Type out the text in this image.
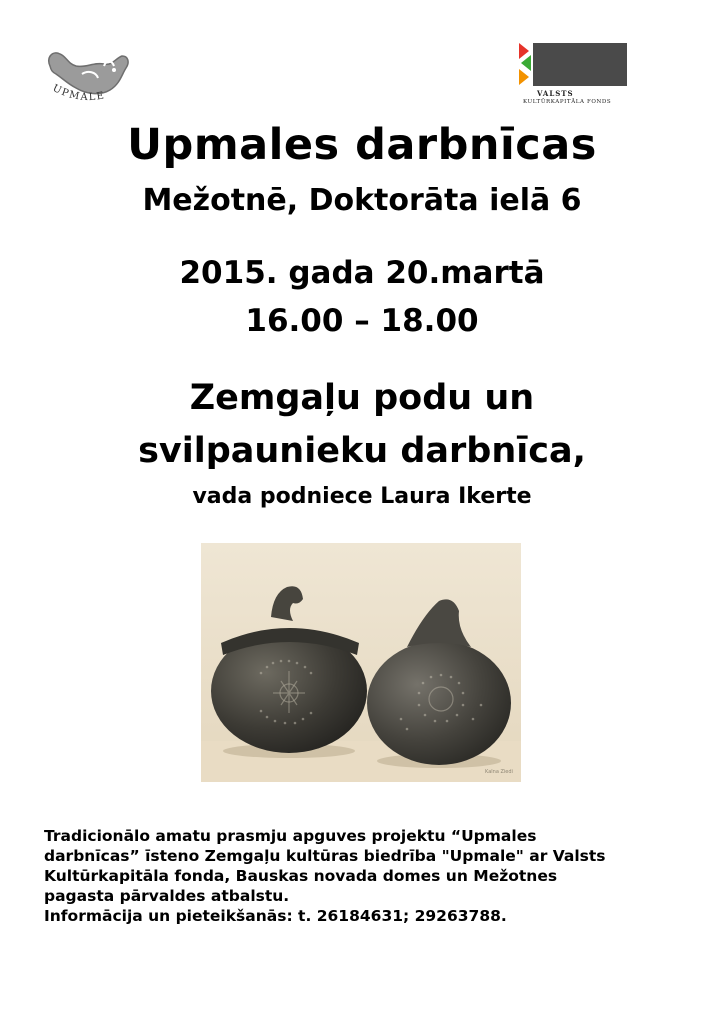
UPMALE	VALSTS
KULTŪRKAPITĀLA FONDS
Upmales darbnīcas
Mežotnē, Doktorāta ielā 6
2015. gada 20.martā
16.00 – 18.00
Zemgaļu podu un
svilpaunieku darbnīca,
vada podniece Laura Ikerte
Kalna Ziedi
Tradicionālo amatu prasmju apguves projektu “Upmales
darbnīcas” īsteno Zemgaļu kultūras biedrība "Upmale" ar Valsts
Kultūrkapitāla fonda, Bauskas novada domes un Mežotnes
pagasta pārvaldes atbalstu.
Informācija un pieteikšanās: t. 26184631; 29263788.
